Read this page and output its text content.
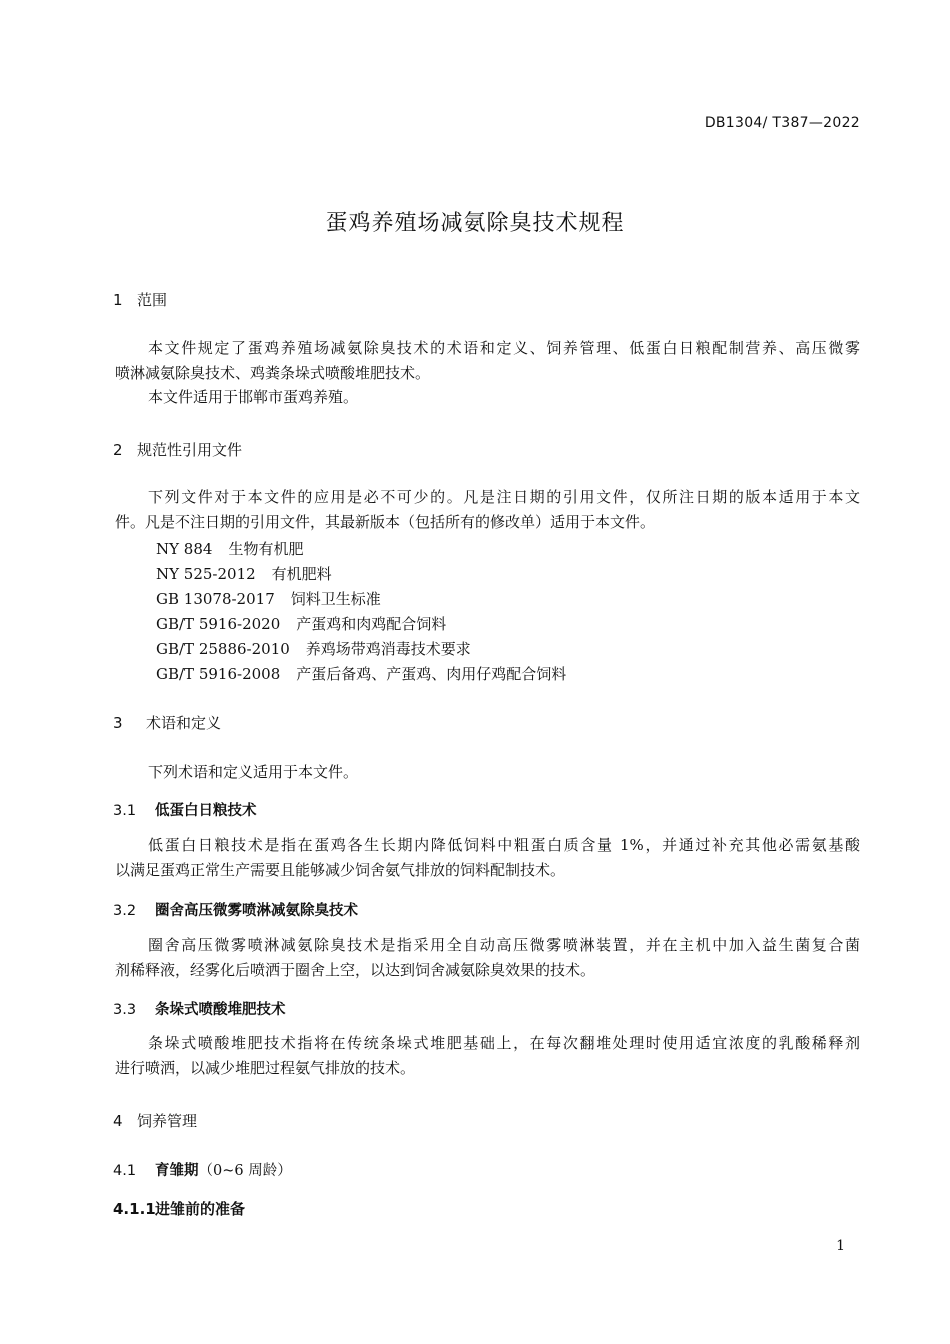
DB1304/ T387—2022
蛋鸡养殖场减氨除臭技术规程
1 范围
本文件规定了蛋鸡养殖场减氨除臭技术的术语和定义、饲养管理、低蛋白日粮配制营养、高压微雾
喷淋减氨除臭技术、鸡粪条垛式喷酸堆肥技术。
本文件适用于邯郸市蛋鸡养殖。
2 规范性引用文件
下列文件对于本文件的应用是必不可少的。凡是注日期的引用文件，仅所注日期的版本适用于本文
件。凡是不注日期的引用文件，其最新版本（包括所有的修改单）适用于本文件。
NY 884 生物有机肥
NY 525-2012 有机肥料
GB 13078-2017 饲料卫生标准
GB/T 5916-2020 产蛋鸡和肉鸡配合饲料
GB/T 25886-2010 养鸡场带鸡消毒技术要求
GB/T 5916-2008 产蛋后备鸡、产蛋鸡、肉用仔鸡配合饲料
3 术语和定义
下列术语和定义适用于本文件。
3.1 低蛋白日粮技术
低蛋白日粮技术是指在蛋鸡各生长期内降低饲料中粗蛋白质含量 1%，并通过补充其他必需氨基酸
以满足蛋鸡正常生产需要且能够减少饲舍氨气排放的饲料配制技术。
3.2 圈舍高压微雾喷淋减氨除臭技术
圈舍高压微雾喷淋减氨除臭技术是指采用全自动高压微雾喷淋装置，并在主机中加入益生菌复合菌
剂稀释液，经雾化后喷洒于圈舍上空，以达到饲舍减氨除臭效果的技术。
3.3 条垛式喷酸堆肥技术
条垛式喷酸堆肥技术指将在传统条垛式堆肥基础上，在每次翻堆处理时使用适宜浓度的乳酸稀释剂
进行喷洒，以减少堆肥过程氨气排放的技术。
4 饲养管理
4.1 育雏期（0~6 周龄）
4.1.1进雏前的准备
1
